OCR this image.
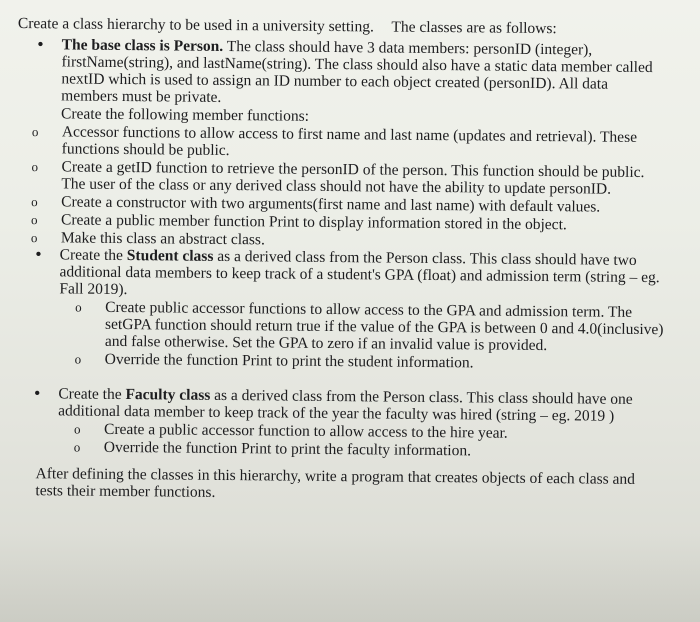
Create a class hierarchy to be used in a university setting. The classes are as follows:

• The base class is Person. The class should have 3 data members: personID (integer), firstName(string), and lastName(string). The class should also have a static data member called nextID which is used to assign an ID number to each object created (personID). All data members must be private.

Create the following member functions:

o Accessor functions to allow access to first name and last name (updates and retrieval). These functions should be public.
o Create a getID function to retrieve the personID of the person. This function should be public. The user of the class or any derived class should not have the ability to update personID.
o Create a constructor with two arguments(first name and last name) with default values.
o Create a public member function Print to display information stored in the object.
o Make this class an abstract class.
• Create the Student class as a derived class from the Person class. This class should have two additional data members to keep track of a student's GPA (float) and admission term (string – eg. Fall 2019).

o Create public accessor functions to allow access to the GPA and admission term. The setGPA function should return true if the value of the GPA is between 0 and 4.0(inclusive) and false otherwise. Set the GPA to zero if an invalid value is provided.
o Override the function Print to print the student information.
• Create the Faculty class as a derived class from the Person class. This class should have one additional data member to keep track of the year the faculty was hired (string – eg. 2019 )

o Create a public accessor function to allow access to the hire year.
o Override the function Print to print the faculty information.

After defining the classes in this hierarchy, write a program that creates objects of each class and tests their member functions.
